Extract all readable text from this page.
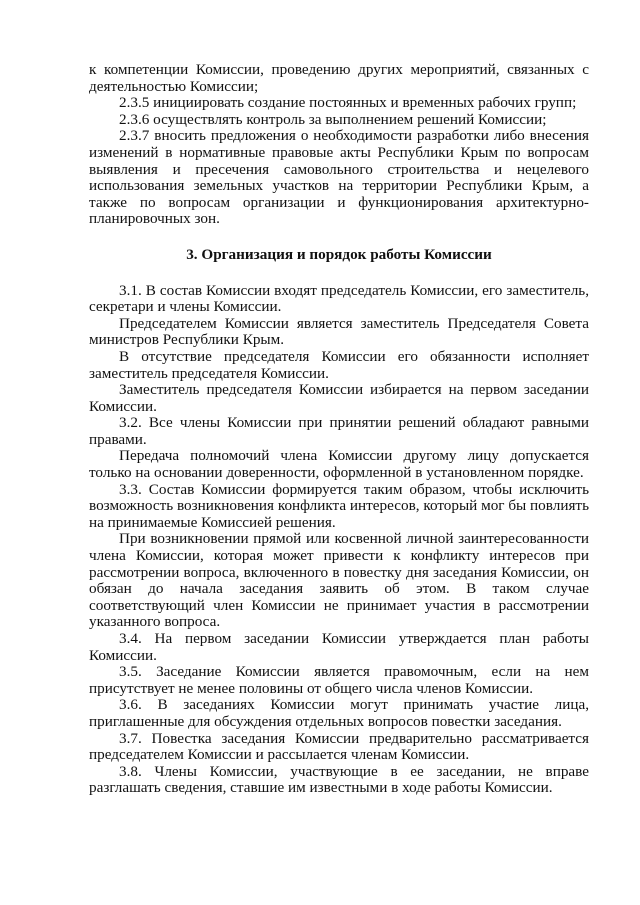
к компетенции Комиссии, проведению других мероприятий, связанных с деятельностью Комиссии;

2.3.5 инициировать создание постоянных и временных рабочих групп;

2.3.6 осуществлять контроль за выполнением решений Комиссии;

2.3.7 вносить предложения о необходимости разработки либо внесения изменений в нормативные правовые акты Республики Крым по вопросам выявления и пресечения самовольного строительства и нецелевого использования земельных участков на территории Республики Крым, а также по вопросам организации и функционирования архитектурно-планировочных зон.

3. Организация и порядок работы Комиссии

3.1. В состав Комиссии входят председатель Комиссии, его заместитель, секретари и члены Комиссии.

Председателем Комиссии является заместитель Председателя Совета министров Республики Крым.

В отсутствие председателя Комиссии его обязанности исполняет заместитель председателя Комиссии.

Заместитель председателя Комиссии избирается на первом заседании Комиссии.

3.2. Все члены Комиссии при принятии решений обладают равными правами.

Передача полномочий члена Комиссии другому лицу допускается только на основании доверенности, оформленной в установленном порядке.

3.3. Состав Комиссии формируется таким образом, чтобы исключить возможность возникновения конфликта интересов, который мог бы повлиять на принимаемые Комиссией решения.

При возникновении прямой или косвенной личной заинтересованности члена Комиссии, которая может привести к конфликту интересов при рассмотрении вопроса, включенного в повестку дня заседания Комиссии, он обязан до начала заседания заявить об этом. В таком случае соответствующий член Комиссии не принимает участия в рассмотрении указанного вопроса.

3.4. На первом заседании Комиссии утверждается план работы Комиссии.

3.5. Заседание Комиссии является правомочным, если на нем присутствует не менее половины от общего числа членов Комиссии.

3.6. В заседаниях Комиссии могут принимать участие лица, приглашенные для обсуждения отдельных вопросов повестки заседания.

3.7. Повестка заседания Комиссии предварительно рассматривается председателем Комиссии и рассылается членам Комиссии.

3.8. Члены Комиссии, участвующие в ее заседании, не вправе разглашать сведения, ставшие им известными в ходе работы Комиссии.
